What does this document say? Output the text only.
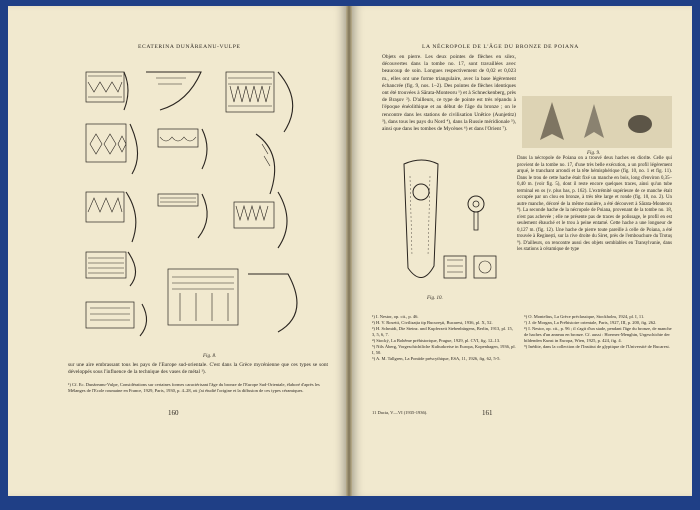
ECATERINA DUNĂREANU-VULPE
Fig. 8.
sur une aire embrassant tous les pays de l'Europe sud-orientale. C'est dans la Grèce mycénienne que ces types se sont développés sous l'influence de la technique des vases de métal ¹).
¹) Cf. Ec. Dunăreanu-Vulpe, Considérations sur certaines formes caractérisant l'âge du bronze de l'Europe Sud-Orientale, élaboré d'après les Mélanges de l'Ecole roumaine en France, 1929, Paris, 1930, p. 4–28, où j'ai étudié l'origine et la diffusion de ces types céramiques.
160
LA NÉCROPOLE DE L'ÂGE DU BRONZE DE POIANA
Objets en pierre. Les deux pointes de flèches en silex, découvertes dans la tombe no. 17, sont travaillées avec beaucoup de soin. Longues respectivement de 0,02 et 0,023 m., elles ont une forme triangulaire, avec la base légèrement échancrée (fig. 9, nos. 1–2). Des pointes de flèches identiques ont été trouvées à Sărata-Monteoru ¹) et à Schneckenberg, près de Braşov ²). D'ailleurs, ce type de pointe est très répandu à l'époque énéolithique et au début de l'âge du bronze ; on le rencontre dans les stations de civilisation Unětice (Aunjetitz) ³), dans tous les pays du Nord ⁴), dans la Russie méridionale ⁵), ainsi que dans les tombes de Mycènes ⁶) et dans l'Orient ⁷).
Fig. 9.
Fig. 10.
Dans la nécropole de Poiana on a trouvé deux haches en diorite. Celle qui provient de la tombe no. 17, d'une très belle exécution, a un profil légèrement arqué, le tranchant arrondi et la tête hémisphérique (fig. 10, no. 1 et fig. 11). Dans le trou de cette hache était fixé un manche en bois, long d'environ 0,35–0,40 m. (voir fig. 5), dont il reste encore quelques traces, ainsi qu'un tube terminal en os (v. plus bas, p. 162). L'extrémité supérieure de ce manche était occupée par un clou en bronze, à très tête large et ronde (fig. 10, no. 2). Un autre manche, décoré de la même manière, a été découvert à Sărata-Monteoru ⁸). La seconde hache de la nécropole de Poiana, provenant de la tombe no. 18, n'est pas achevée ; elle ne présente pas de traces de polissage, le profil en est seulement ébauché et le trou à peine entamé. Cette hache a une longueur de 0,127 m. (fig. 12). Une hache de pierre toute pareille à celle de Poiana, a été trouvée à Reginești, sur la rive droite du Siret, près de l'embouchure du Trotuș ⁹). D'ailleurs, on rencontre aussi des objets semblables en Transylvanie, dans les stations à céramique de type
¹) I. Nestor, op. cit., p. 46.
²) H. V. Rosetti, Civilizația tip Bucureşti, Bucarest, 1936, pl. X, 52.
³) H. Schmidt, Die Steinz. und Kupferzeit Siebenbürgens, Berlin, 1913, pl. 15, 3, 5, 6, 7.
⁴) Stocký, La Bohême préhistorique, Prague, 1929, pl. CVI, fig. 12–13.
⁵) Nils Åberg, Vorgeschichtliche Kulturkreise in Europa, Kopenhagen, 1936, pl. I, 50.
⁶) A. M. Tallgren, La Pontide préscythique, ESA, 11, 1926, fig. 62, 5-5.
⁶) O. Montelius, La Grèce préclassique, Stockholm, 1924, pl. I, 11.
⁷) J. de Morgan, La Préhistoire orientale, Paris, 1927, III, p. 200, fig. 262.
⁸) I. Nestor, op. cit., p. 96 ; il s'agit d'un stade, pendant l'âge du bronze, de manche de haches d'un anneau en bronze. Cf. aussi : Hoernes-Menghin, Urgeschichte der bildenden Kunst in Europa, Wien, 1925, p. 424, fig. 4.
⁹) Inédite, dans la collection de l'Institut de glyptique de l'Université de Bucarest.
11 Dacia, V—VI (1935-1936).	161
